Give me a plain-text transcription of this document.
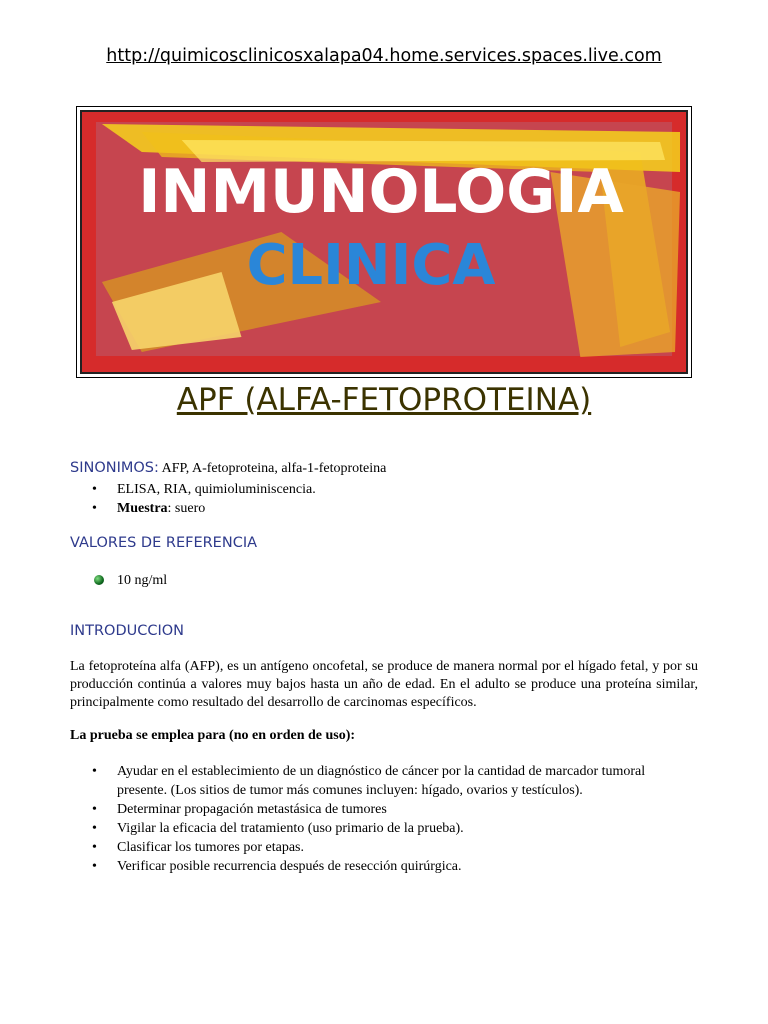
http://quimicosclinicosxalapa04.home.services.spaces.live.com
INMUNOLOGIA
CLINICA
APF (ALFA-FETOPROTEINA)
SINONIMOS: AFP, A-fetoproteina, alfa-1-fetoproteina
• ELISA, RIA, quimioluminiscencia.
• Muestra: suero
VALORES DE REFERENCIA
10 ng/ml
INTRODUCCION
La fetoproteína alfa (AFP), es un antígeno oncofetal, se produce de manera normal por el hígado fetal, y por su producción continúa a valores muy bajos hasta un año de edad. En el adulto se produce una proteína similar, principalmente como resultado del desarrollo de carcinomas específicos.
La prueba se emplea para (no en orden de uso):
• Ayudar en el establecimiento de un diagnóstico de cáncer por la cantidad de marcador tumoral presente. (Los sitios de tumor más comunes incluyen: hígado, ovarios y testículos).
• Determinar propagación metastásica de tumores
• Vigilar la eficacia del tratamiento (uso primario de la prueba).
• Clasificar los tumores por etapas.
• Verificar posible recurrencia después de resección quirúrgica.
